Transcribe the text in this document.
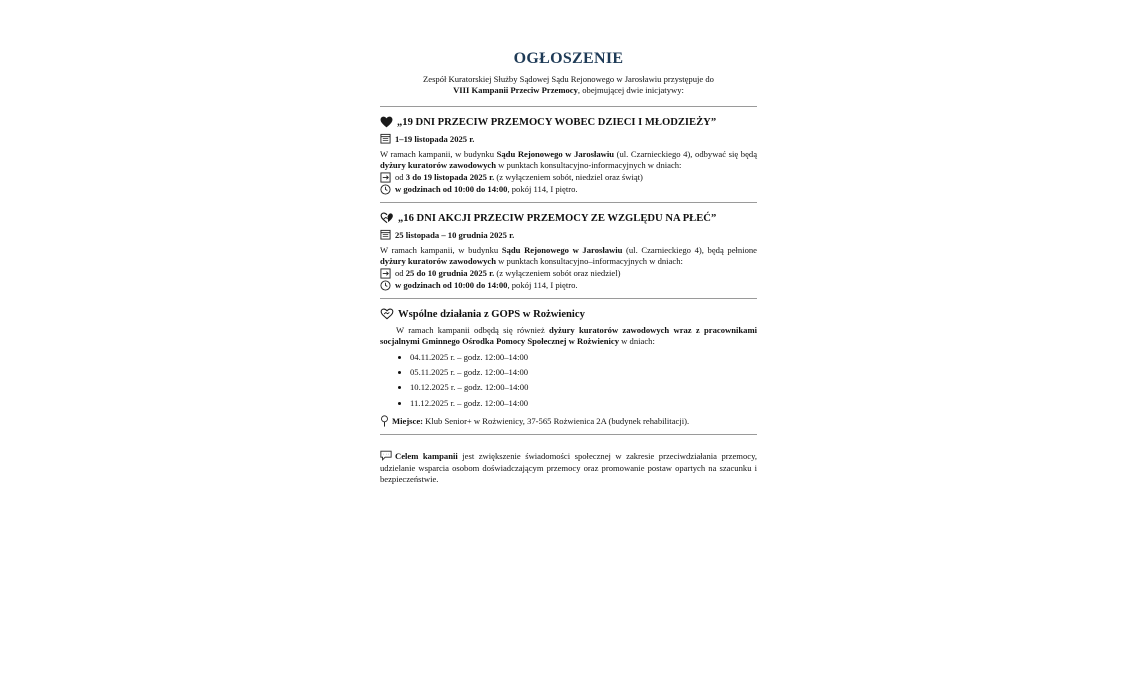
OGŁOSZENIE
Zespół Kuratorskiej Służby Sądowej Sądu Rejonowego w Jarosławiu przystępuje do
VIII Kampanii Przeciw Przemocy, obejmującej dwie inicjatywy:
„19 DNI PRZECIW PRZEMOCY WOBEC DZIECI I MŁODZIEŻY”
1–19 listopada 2025 r.

W ramach kampanii, w budynku Sądu Rejonowego w Jarosławiu (ul. Czarnieckiego 4), odbywać się będą dyżury kuratorów zawodowych w punktach konsultacyjno-informacyjnych w dniach:

od 3 do 19 listopada 2025 r. (z wyłączeniem sobót, niedziel oraz świąt)
w godzinach od 10:00 do 14:00, pokój 114, I piętro.
„16 DNI AKCJI PRZECIW PRZEMOCY ZE WZGLĘDU NA PŁEĆ”
25 listopada – 10 grudnia 2025 r.

W ramach kampanii, w budynku Sądu Rejonowego w Jarosławiu (ul. Czarnieckiego 4), będą pełnione dyżury kuratorów zawodowych w punktach konsultacyjno–informacyjnych w dniach:

od 25 do 10 grudnia 2025 r. (z wyłączeniem sobót oraz niedziel)
w godzinach od 10:00 do 14:00, pokój 114, I piętro.
Wspólne działania z GOPS w Rożwienicy

W ramach kampanii odbędą się również dyżury kuratorów zawodowych wraz z pracownikami socjalnymi Gminnego Ośrodka Pomocy Społecznej w Rożwienicy w dniach:

• 04.11.2025 r. – godz. 12:00–14:00
• 05.11.2025 r. – godz. 12:00–14:00
• 10.12.2025 r. – godz. 12:00–14:00
• 11.12.2025 r. – godz. 12:00–14:00
Miejsce: Klub Senior+ w Rożwienicy, 37-565 Rożwienica 2A (budynek rehabilitacji).

Celem kampanii jest zwiększenie świadomości społecznej w zakresie przeciwdziałania przemocy, udzielanie wsparcia osobom doświadczającym przemocy oraz promowanie postaw opartych na szacunku i bezpieczeństwie.
